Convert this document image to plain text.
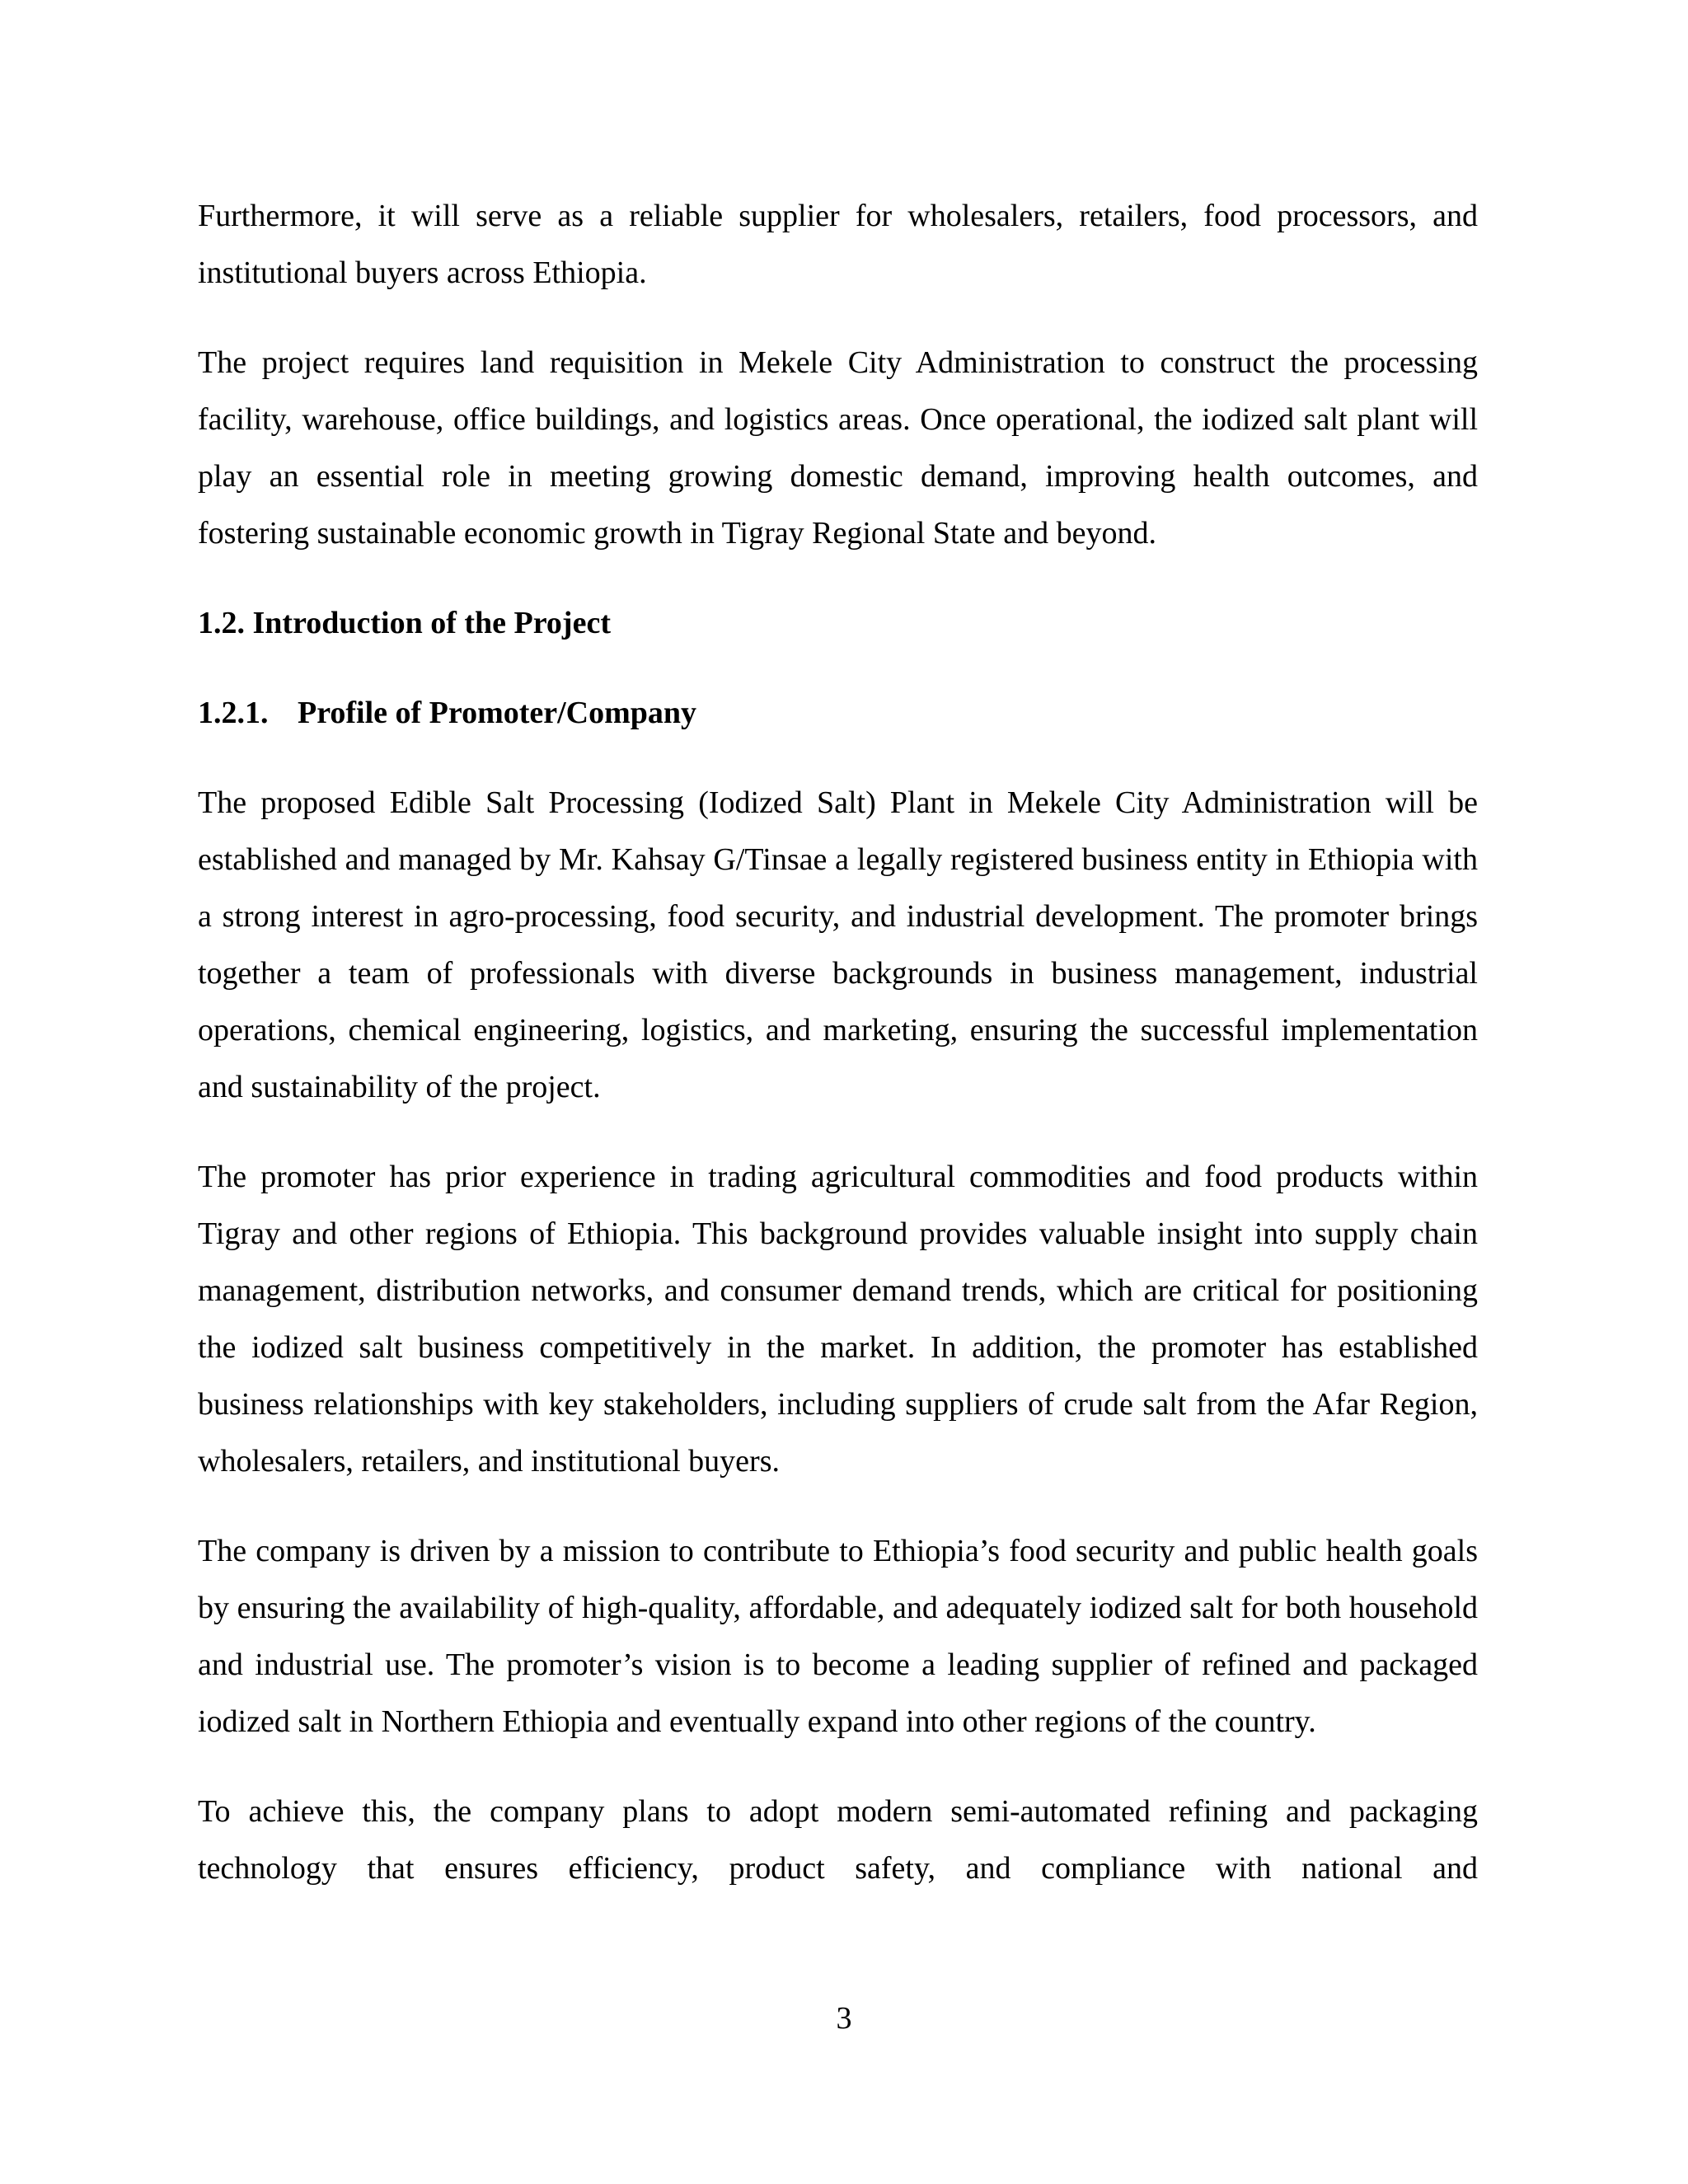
Furthermore, it will serve as a reliable supplier for wholesalers, retailers, food processors, and institutional buyers across Ethiopia.

The project requires land requisition in Mekele City Administration to construct the processing facility, warehouse, office buildings, and logistics areas. Once operational, the iodized salt plant will play an essential role in meeting growing domestic demand, improving health outcomes, and fostering sustainable economic growth in Tigray Regional State and beyond.

1.2. Introduction of the Project
1.2.1. Profile of Promoter/Company

The proposed Edible Salt Processing (Iodized Salt) Plant in Mekele City Administration will be established and managed by Mr. Kahsay G/Tinsae a legally registered business entity in Ethiopia with a strong interest in agro-processing, food security, and industrial development. The promoter brings together a team of professionals with diverse backgrounds in business management, industrial operations, chemical engineering, logistics, and marketing, ensuring the successful implementation and sustainability of the project.

The promoter has prior experience in trading agricultural commodities and food products within Tigray and other regions of Ethiopia. This background provides valuable insight into supply chain management, distribution networks, and consumer demand trends, which are critical for positioning the iodized salt business competitively in the market. In addition, the promoter has established business relationships with key stakeholders, including suppliers of crude salt from the Afar Region, wholesalers, retailers, and institutional buyers.

The company is driven by a mission to contribute to Ethiopia’s food security and public health goals by ensuring the availability of high-quality, affordable, and adequately iodized salt for both household and industrial use. The promoter’s vision is to become a leading supplier of refined and packaged iodized salt in Northern Ethiopia and eventually expand into other regions of the country.

To achieve this, the company plans to adopt modern semi-automated refining and packaging technology that ensures efficiency, product safety, and compliance with national and

3
